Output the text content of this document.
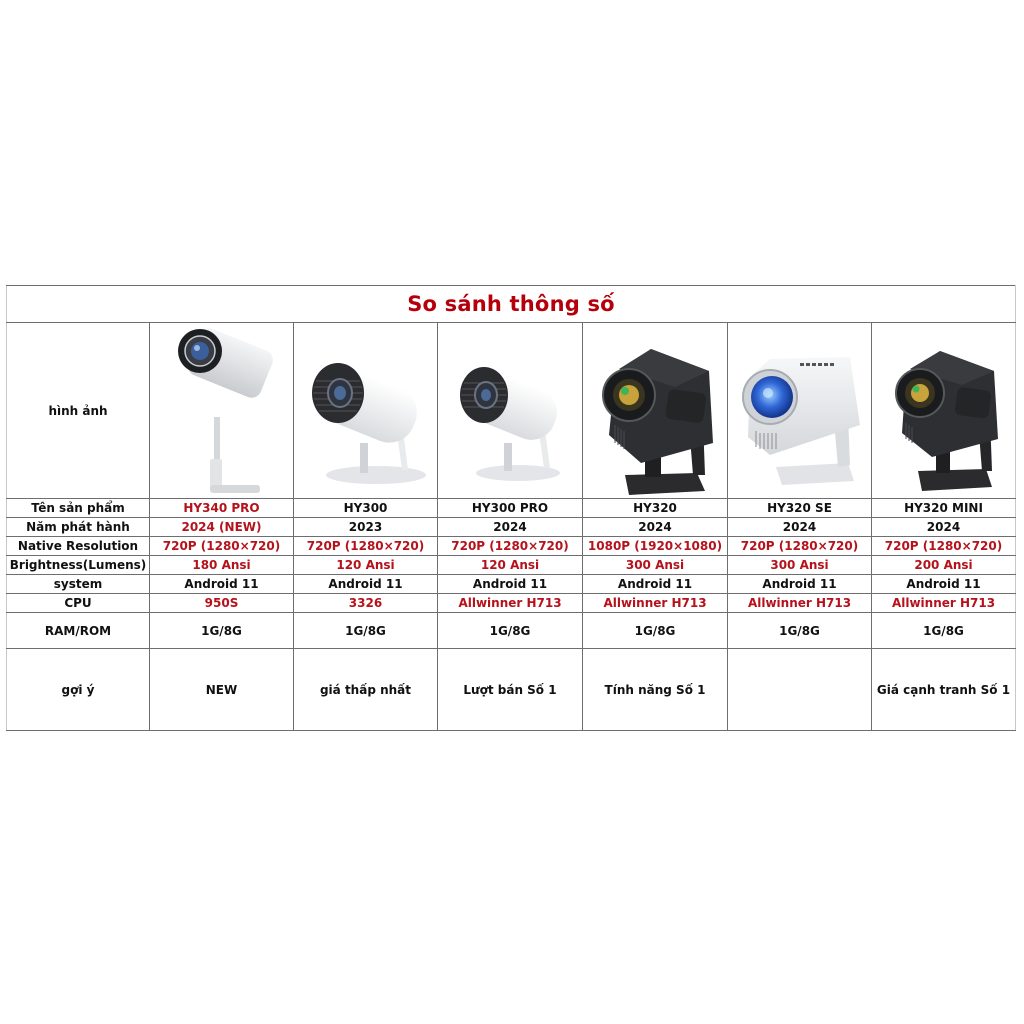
So sánh thông số						
hình ảnh	

Tên sản phẩm	HY340 PRO	HY300	HY300 PRO	HY320	HY320 SE	HY320 MINI
Năm phát hành	2024 (NEW)	2023	2024	2024	2024	2024
Native Resolution	720P (1280×720)	720P (1280×720)	720P (1280×720)	1080P (1920×1080)	720P (1280×720)	720P (1280×720)
Brightness(Lumens)	180 Ansi	120 Ansi	120 Ansi	300 Ansi	300 Ansi	200 Ansi
system	Android 11	Android 11	Android 11	Android 11	Android 11	Android 11
CPU	950S	3326	Allwinner H713	Allwinner H713	Allwinner H713	Allwinner H713
RAM/ROM	1G/8G	1G/8G	1G/8G	1G/8G	1G/8G	1G/8G
gợi ý	NEW	giá thấp nhất	Lượt bán Số 1	Tính năng Số 1		Giá cạnh tranh Số 1
